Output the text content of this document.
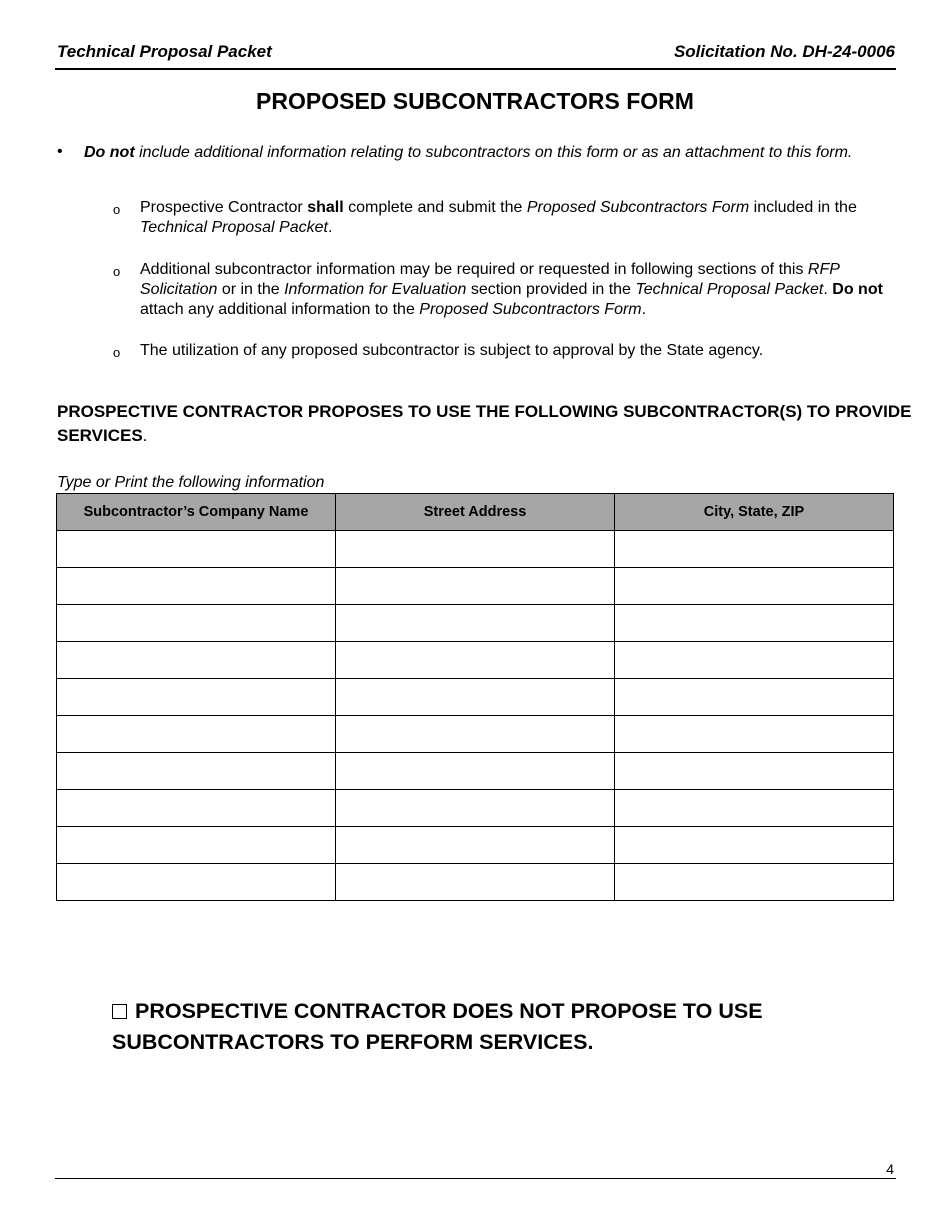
Technical Proposal Packet	Solicitation No. DH-24-0006
PROPOSED SUBCONTRACTORS FORM
• Do not include additional information relating to subcontractors on this form or as an attachment to this form.
o Prospective Contractor shall complete and submit the Proposed Subcontractors Form included in the Technical Proposal Packet.
o Additional subcontractor information may be required or requested in following sections of this RFP Solicitation or in the Information for Evaluation section provided in the Technical Proposal Packet. Do not attach any additional information to the Proposed Subcontractors Form.
o The utilization of any proposed subcontractor is subject to approval by the State agency.
PROSPECTIVE CONTRACTOR PROPOSES TO USE THE FOLLOWING SUBCONTRACTOR(S) TO PROVIDE SERVICES.
Type or Print the following information
Subcontractor’s Company Name	Street Address	City, State, ZIP

PROSPECTIVE CONTRACTOR DOES NOT PROPOSE TO USE SUBCONTRACTORS TO PERFORM SERVICES.
4
